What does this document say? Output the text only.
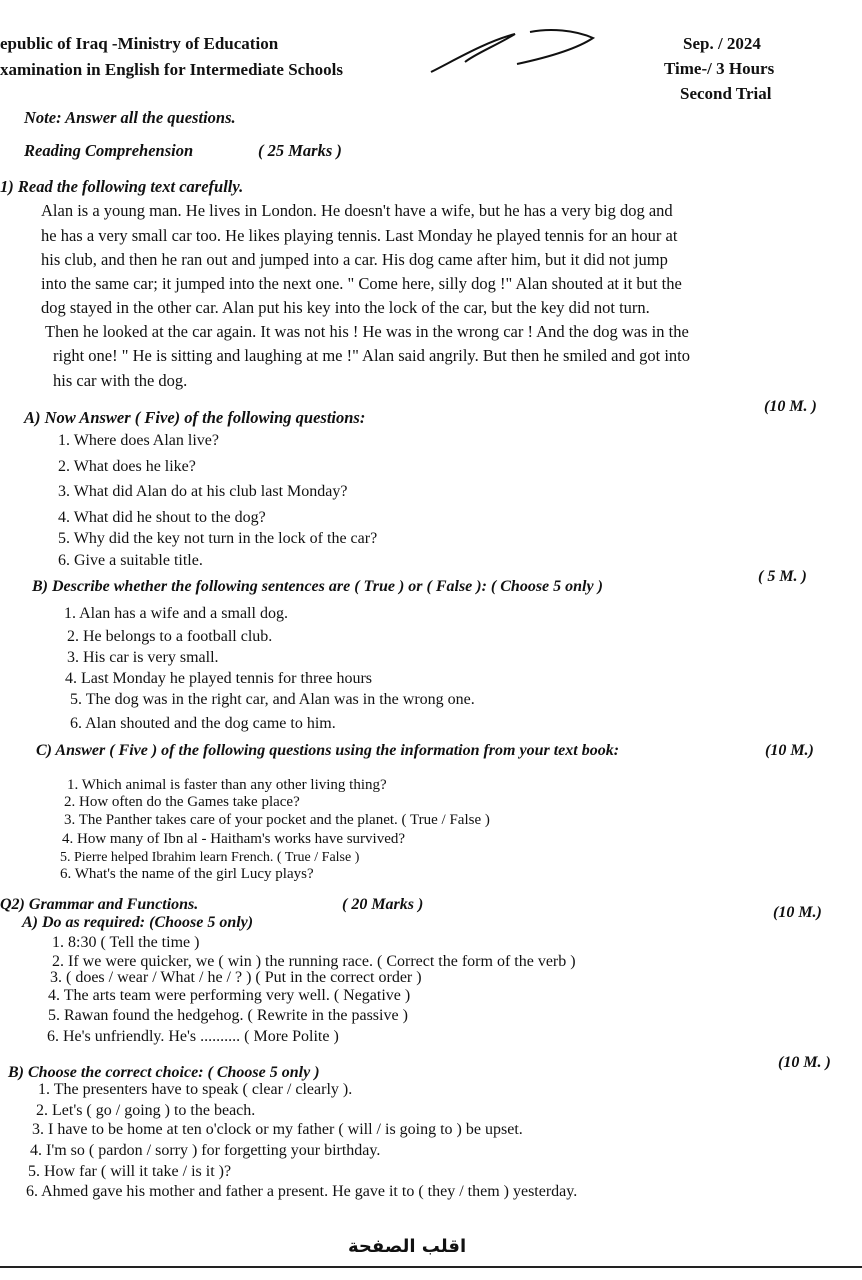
epublic of Iraq -Ministry of Education
xamination in English for Intermediate Schools
Sep. / 2024
Time-/ 3 Hours
Second Trial
Note: Answer all the questions.
Reading Comprehension	( 25 Marks )
1) Read the following text carefully.
Alan is a young man. He lives in London. He doesn't have a wife, but he has a very big dog and
he has a very small car too. He likes playing tennis. Last Monday he played tennis for an hour at
his club, and then he ran out and jumped into a car. His dog came after him, but it did not jump
into the same car; it jumped into the next one. " Come here, silly dog !" Alan shouted at it but the
dog stayed in the other car. Alan put his key into the lock of the car, but the key did not turn.
Then he looked at the car again. It was not his ! He was in the wrong car ! And the dog was in the
right one! " He is sitting and laughing at me !" Alan said angrily. But then he smiled and got into
his car with the dog.
A) Now Answer ( Five) of the following questions:
(10 M. )
1. Where does Alan live?
2. What does he like?
3. What did Alan do at his club last Monday?
4. What did he shout to the dog?
5. Why did the key not turn in the lock of the car?
6. Give a suitable title.
B) Describe whether the following sentences are ( True ) or ( False ): ( Choose 5 only )
( 5 M. )
1. Alan has a wife and a small dog.
2. He belongs to a football club.
3. His car is very small.
4. Last Monday he played tennis for three hours
5. The dog was in the right car, and Alan was in the wrong one.
6. Alan shouted and the dog came to him.
C) Answer ( Five ) of the following questions using the information from your text book:	(10 M.)
1. Which animal is faster than any other living thing?
2. How often do the Games take place?
3. The Panther takes care of your pocket and the planet. ( True / False )
4. How many of Ibn al - Haitham's works have survived?
5. Pierre helped Ibrahim learn French. ( True / False )
6. What's the name of the girl Lucy plays?
Q2) Grammar and Functions.	( 20 Marks )
A) Do as required: (Choose 5 only)
(10 M.)
1. 8:30 ( Tell the time )
2. If we were quicker, we ( win ) the running race. ( Correct the form of the verb )
3. ( does / wear / What / he / ? ) ( Put in the correct order )
4. The arts team were performing very well. ( Negative )
5. Rawan found the hedgehog. ( Rewrite in the passive )
6. He's unfriendly. He's .......... ( More Polite )
B) Choose the correct choice: ( Choose 5 only )
(10 M. )
1. The presenters have to speak ( clear / clearly ).
2. Let's ( go / going ) to the beach.
3. I have to be home at ten o'clock or my father ( will / is going to ) be upset.
4. I'm so ( pardon / sorry ) for forgetting your birthday.
5. How far ( will it take / is it )?
6. Ahmed gave his mother and father a present. He gave it to ( they / them ) yesterday.
اقلب الصفحة
